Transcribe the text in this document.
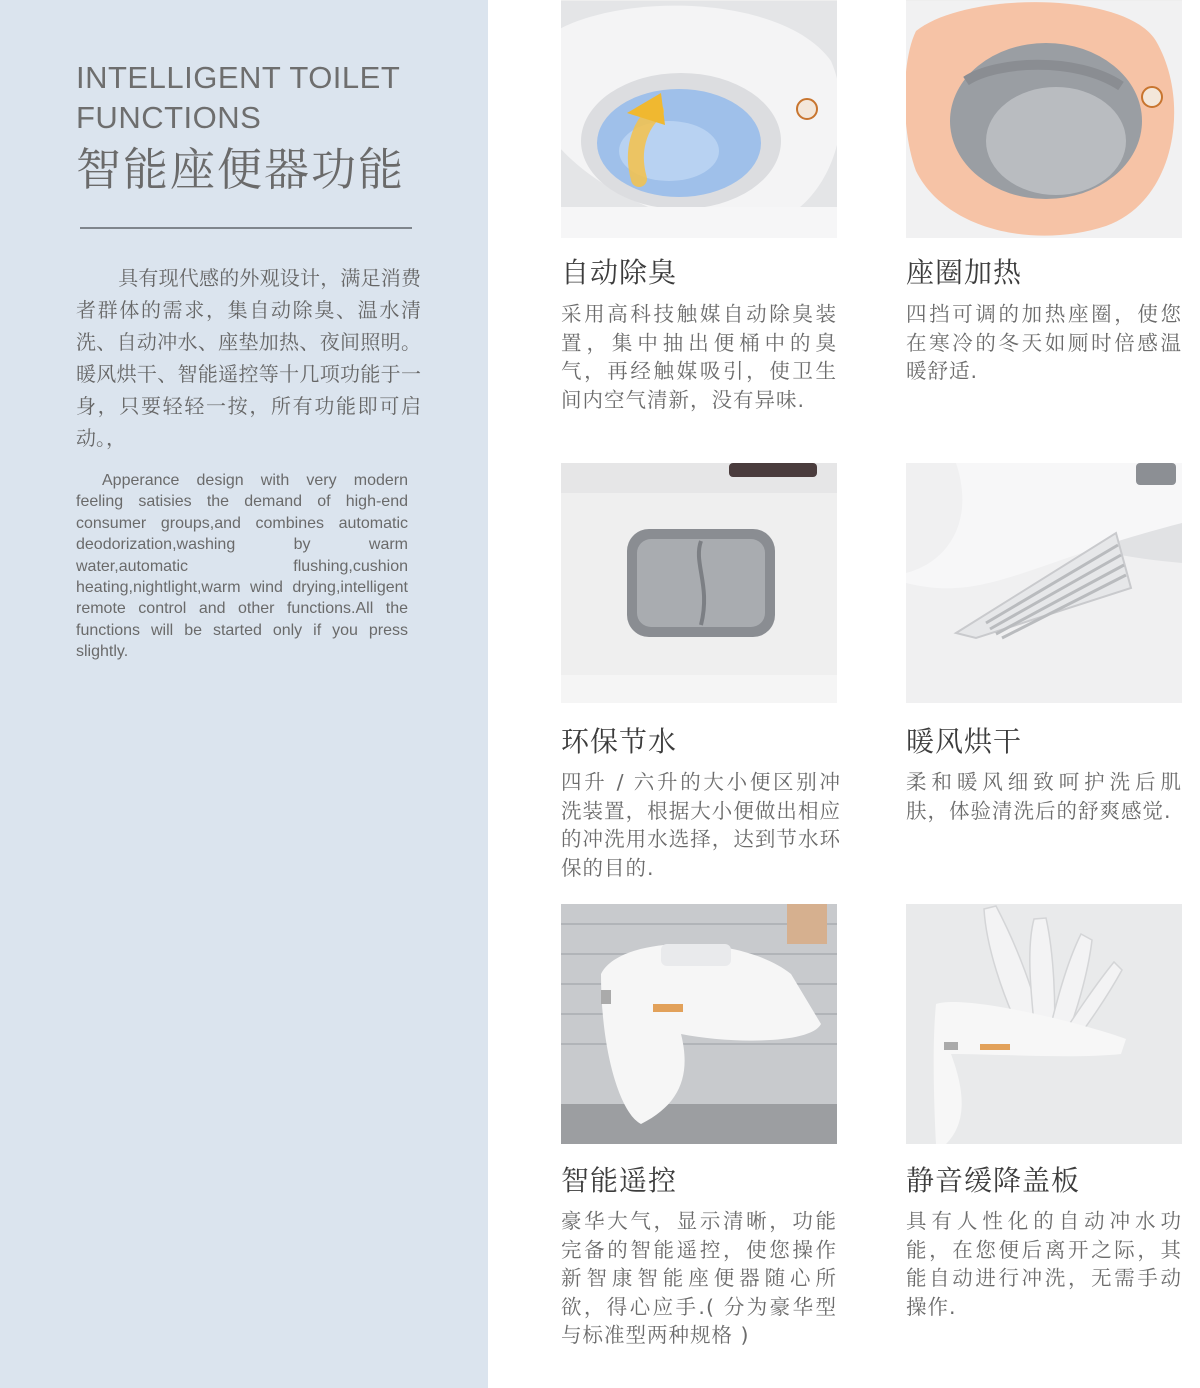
INTELLIGENT TOILET FUNCTIONS
智能座便器功能
具有现代感的外观设计，满足消费者群体的需求，集自动除臭、温水清洗、自动冲水、座垫加热、夜间照明。暖风烘干、智能遥控等十几项功能于一身，只要轻轻一按，所有功能即可启动。，
Apperance design with very modern feeling satisies the demand of high-end consumer groups,and combines automatic deodorization,washing by warm water,automatic flushing,cushion heating,nightlight,warm wind drying,intelligent remote control and other functions.All the functions will be started only if you press slightly.
自动除臭
采用高科技触媒自动除臭装置，集中抽出便桶中的臭气，再经触媒吸引，使卫生间内空气清新，没有异味.
座圈加热
四挡可调的加热座圈，使您在寒冷的冬天如厕时倍感温暖舒适.
环保节水
四升 / 六升的大小便区别冲洗装置，根据大小便做出相应的冲洗用水选择，达到节水环保的目的.
暖风烘干
柔和暖风细致呵护洗后肌肤，体验清洗后的舒爽感觉.
智能遥控
豪华大气，显示清晰，功能完备的智能遥控，使您操作新智康智能座便器随心所欲，得心应手.( 分为豪华型与标准型两种规格 )
静音缓降盖板
具有人性化的自动冲水功能，在您便后离开之际，其能自动进行冲洗，无需手动操作.
